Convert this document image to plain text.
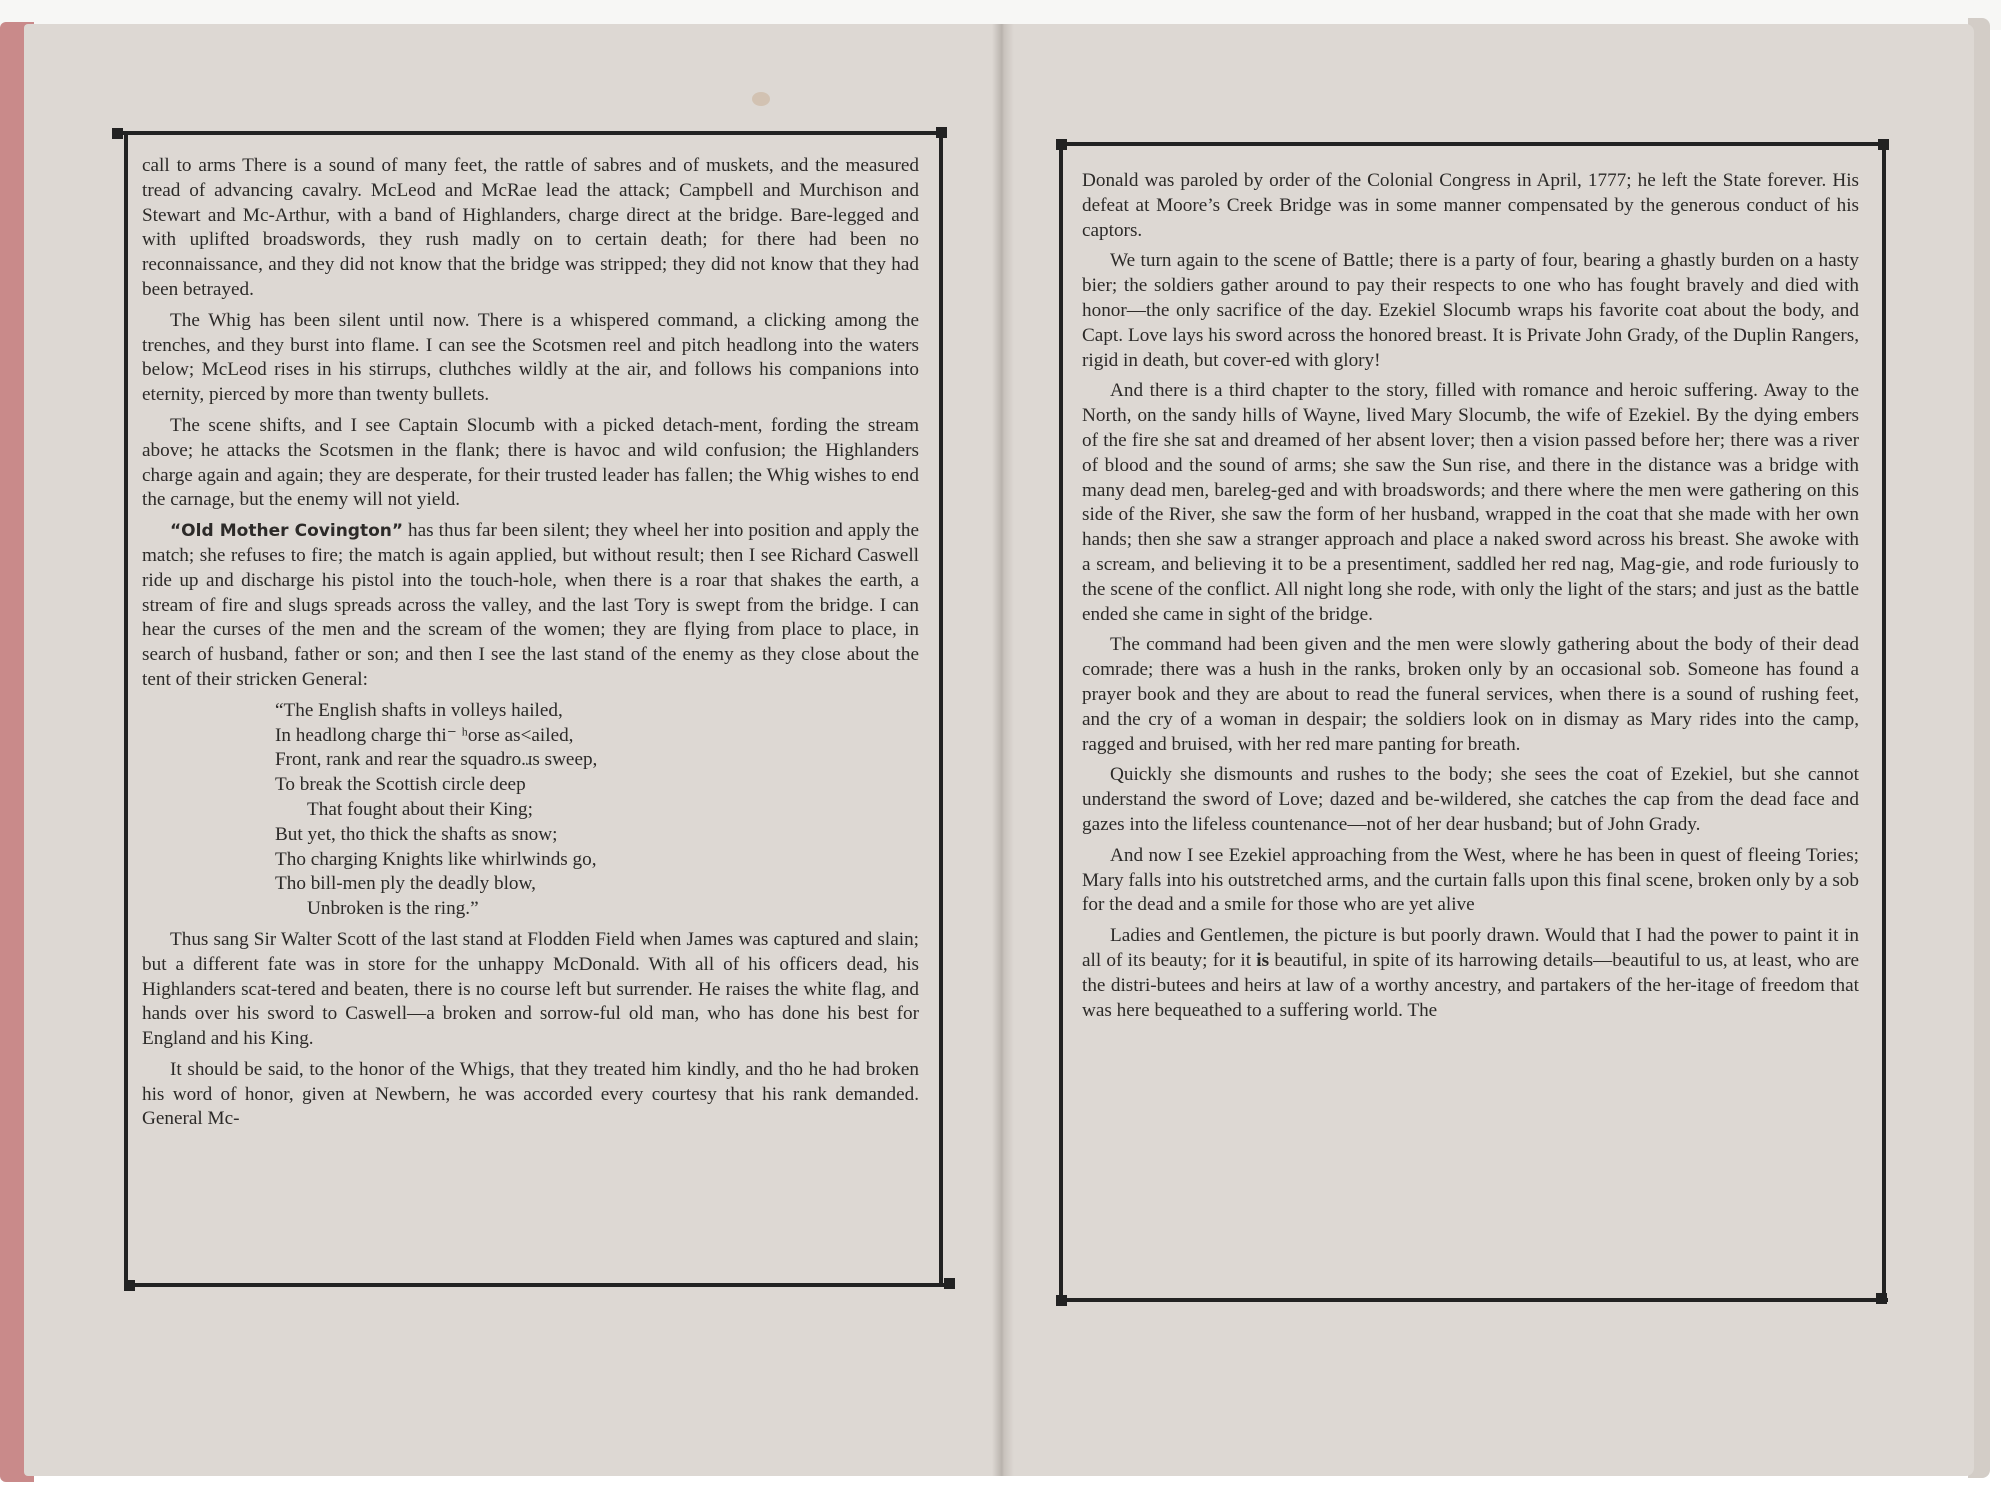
call to arms There is a sound of many feet, the rattle of sabres and of muskets, and the measured tread of advancing cavalry. McLeod and McRae lead the attack; Campbell and Murchison and Stewart and Mc-Arthur, with a band of Highlanders, charge direct at the bridge. Bare-legged and with uplifted broadswords, they rush madly on to certain death; for there had been no reconnaissance, and they did not know that the bridge was stripped; they did not know that they had been betrayed.

The Whig has been silent until now. There is a whispered command, a clicking among the trenches, and they burst into flame. I can see the Scotsmen reel and pitch headlong into the waters below; McLeod rises in his stirrups, cluthches wildly at the air, and follows his companions into eternity, pierced by more than twenty bullets.

The scene shifts, and I see Captain Slocumb with a picked detach-ment, fording the stream above; he attacks the Scotsmen in the flank; there is havoc and wild confusion; the Highlanders charge again and again; they are desperate, for their trusted leader has fallen; the Whig wishes to end the carnage, but the enemy will not yield.

“Old Mother Covington” has thus far been silent; they wheel her into position and apply the match; she refuses to fire; the match is again applied, but without result; then I see Richard Caswell ride up and discharge his pistol into the touch-hole, when there is a roar that shakes the earth, a stream of fire and slugs spreads across the valley, and the last Tory is swept from the bridge. I can hear the curses of the men and the scream of the women; they are flying from place to place, in search of husband, father or son; and then I see the last stand of the enemy as they close about the tent of their stricken General:

“The English shafts in volleys hailed,
In headlong charge thi⁻ ʰorse as˂ailed,
Front, rank and rear the squadro.ɹs sweep,
To break the Scottish circle deep
That fought about their King;
But yet, tho thick the shafts as snow;
Tho charging Knights like whirlwinds go,
Tho bill-men ply the deadly blow,
Unbroken is the ring.”

Thus sang Sir Walter Scott of the last stand at Flodden Field when James was captured and slain; but a different fate was in store for the unhappy McDonald. With all of his officers dead, his Highlanders scat-tered and beaten, there is no course left but surrender. He raises the white flag, and hands over his sword to Caswell—a broken and sorrow-ful old man, who has done his best for England and his King.

It should be said, to the honor of the Whigs, that they treated him kindly, and tho he had broken his word of honor, given at Newbern, he was accorded every courtesy that his rank demanded. General Mc-

Donald was paroled by order of the Colonial Congress in April, 1777; he left the State forever. His defeat at Moore’s Creek Bridge was in some manner compensated by the generous conduct of his captors.

We turn again to the scene of Battle; there is a party of four, bearing a ghastly burden on a hasty bier; the soldiers gather around to pay their respects to one who has fought bravely and died with honor—the only sacrifice of the day. Ezekiel Slocumb wraps his favorite coat about the body, and Capt. Love lays his sword across the honored breast. It is Private John Grady, of the Duplin Rangers, rigid in death, but cover-ed with glory!

And there is a third chapter to the story, filled with romance and heroic suffering. Away to the North, on the sandy hills of Wayne, lived Mary Slocumb, the wife of Ezekiel. By the dying embers of the fire she sat and dreamed of her absent lover; then a vision passed before her; there was a river of blood and the sound of arms; she saw the Sun rise, and there in the distance was a bridge with many dead men, bareleg-ged and with broadswords; and there where the men were gathering on this side of the River, she saw the form of her husband, wrapped in the coat that she made with her own hands; then she saw a stranger approach and place a naked sword across his breast. She awoke with a scream, and believing it to be a presentiment, saddled her red nag, Mag-gie, and rode furiously to the scene of the conflict. All night long she rode, with only the light of the stars; and just as the battle ended she came in sight of the bridge.

The command had been given and the men were slowly gathering about the body of their dead comrade; there was a hush in the ranks, broken only by an occasional sob. Someone has found a prayer book and they are about to read the funeral services, when there is a sound of rushing feet, and the cry of a woman in despair; the soldiers look on in dismay as Mary rides into the camp, ragged and bruised, with her red mare panting for breath.

Quickly she dismounts and rushes to the body; she sees the coat of Ezekiel, but she cannot understand the sword of Love; dazed and be-wildered, she catches the cap from the dead face and gazes into the lifeless countenance—not of her dear husband; but of John Grady.

And now I see Ezekiel approaching from the West, where he has been in quest of fleeing Tories; Mary falls into his outstretched arms, and the curtain falls upon this final scene, broken only by a sob for the dead and a smile for those who are yet alive

Ladies and Gentlemen, the picture is but poorly drawn. Would that I had the power to paint it in all of its beauty; for it is beautiful, in spite of its harrowing details—beautiful to us, at least, who are the distri-butees and heirs at law of a worthy ancestry, and partakers of the her-itage of freedom that was here bequeathed to a suffering world. The
